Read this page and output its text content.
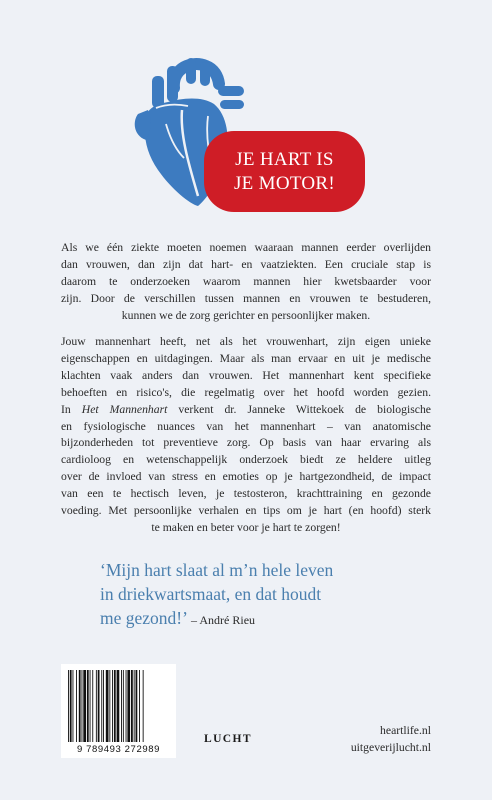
JE HART IS
JE MOTOR!

Als we één ziekte moeten noemen waaraan mannen eerder overlijden
dan vrouwen, dan zijn dat hart- en vaatziekten. Een cruciale stap is
daarom te onderzoeken waarom mannen hier kwetsbaarder voor
zijn. Door de verschillen tussen mannen en vrouwen te bestuderen,
kunnen we de zorg gerichter en persoonlijker maken.

Jouw mannenhart heeft, net als het vrouwenhart, zijn eigen unieke
eigenschappen en uitdagingen. Maar als man ervaar en uit je medische
klachten vaak anders dan vrouwen. Het mannenhart kent specifieke
behoeften en risico's, die regelmatig over het hoofd worden gezien.
In Het Mannenhart verkent dr. Janneke Wittekoek de biologische
en fysiologische nuances van het mannenhart – van anatomische
bijzonderheden tot preventieve zorg. Op basis van haar ervaring als
cardioloog en wetenschappelijk onderzoek biedt ze heldere uitleg
over de invloed van stress en emoties op je hartgezondheid, de impact
van een te hectisch leven, je testosteron, krachttraining en gezonde
voeding. Met persoonlijke verhalen en tips om je hart (en hoofd) sterk
te maken en beter voor je hart te zorgen!

‘Mijn hart slaat al m’n hele leven
in driekwartsmaat, en dat houdt
me gezond!’ – André Rieu
9 789493 272989
LUCHT
heartlife.nl
uitgeverijlucht.nl
